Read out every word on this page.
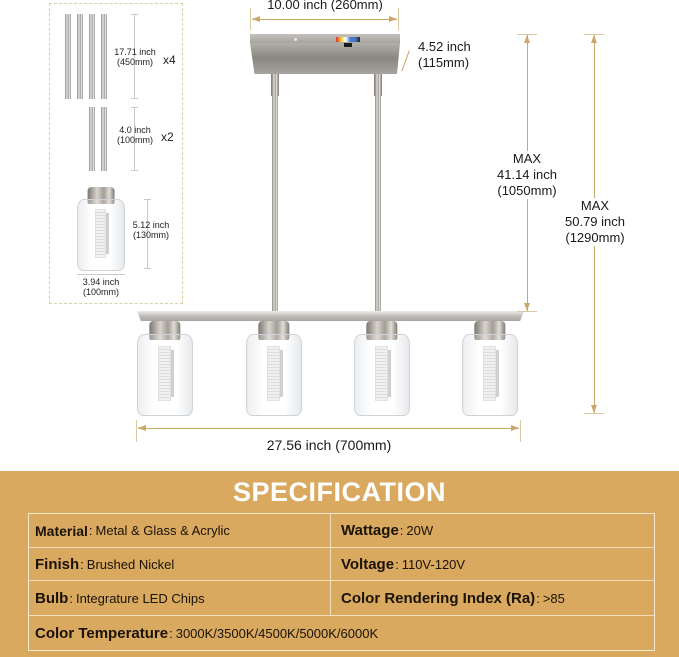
17.71 inch
(450mm) x4
4.0 inch
(100mm) x2
5.12 inch
(130mm)
3.94 inch
(100mm)
10.00 inch (260mm)
4.52 inch
(115mm)
27.56 inch (700mm)
MAX
41.14 inch
(1050mm)
MAX
50.79 inch
(1290mm)
SPECIFICATION
Material : Metal & Glass & Acrylic	Wattage : 20W
Finish : Brushed Nickel	Voltage : 110V-120V
Bulb : Integrature LED Chips	Color Rendering Index (Ra) : >85
Color Temperature : 3000K/3500K/4500K/5000K/6000K
